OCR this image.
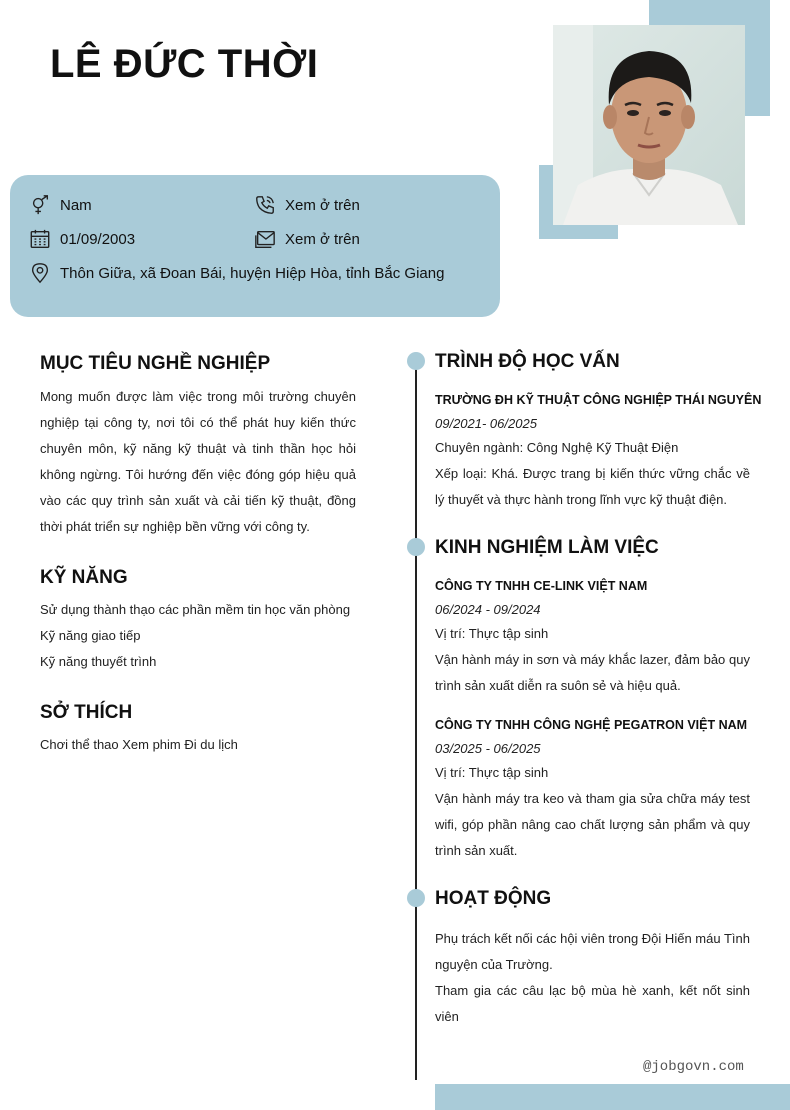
LÊ ĐỨC THỜI
Nam	Xem ở trên
01/09/2003	Xem ở trên
Thôn Giữa, xã Đoan Bái, huyện Hiệp Hòa, tỉnh Bắc Giang
MỤC TIÊU NGHỀ NGHIỆP

Mong muốn được làm việc trong môi trường chuyên nghiệp tại công ty, nơi tôi có thể phát huy kiến thức chuyên môn, kỹ năng kỹ thuật và tinh thần học hỏi không ngừng. Tôi hướng đến việc đóng góp hiệu quả vào các quy trình sản xuất và cải tiến kỹ thuật, đồng thời phát triển sự nghiệp bền vững với công ty.

KỸ NĂNG
Sử dụng thành thạo các phần mềm tin học văn phòng
Kỹ năng giao tiếp
Kỹ năng thuyết trình
SỞ THÍCH
Chơi thể thao Xem phim Đi du lịch
TRÌNH ĐỘ HỌC VẤN
TRƯỜNG ĐH KỸ THUẬT CÔNG NGHIỆP THÁI NGUYÊN
09/2021- 06/2025
Chuyên ngành: Công Nghệ Kỹ Thuật Điện

Xếp loại: Khá. Được trang bị kiến thức vững chắc về lý thuyết và thực hành trong lĩnh vực kỹ thuật điện.

KINH NGHIỆM LÀM VIỆC
CÔNG TY TNHH CE-LINK VIỆT NAM
06/2024 - 09/2024
Vị trí: Thực tập sinh

Vận hành máy in sơn và máy khắc lazer, đảm bảo quy trình sản xuất diễn ra suôn sẻ và hiệu quả.

CÔNG TY TNHH CÔNG NGHỆ PEGATRON VIỆT NAM
03/2025 - 06/2025
Vị trí: Thực tập sinh

Vận hành máy tra keo và tham gia sửa chữa máy test wifi, góp phần nâng cao chất lượng sản phẩm và quy trình sản xuất.

HOẠT ĐỘNG

Phụ trách kết nối các hội viên trong Đội Hiến máu Tình nguyện của Trường.

Tham gia các câu lạc bộ mùa hè xanh, kết nốt sinh viên

@jobgovn.com
